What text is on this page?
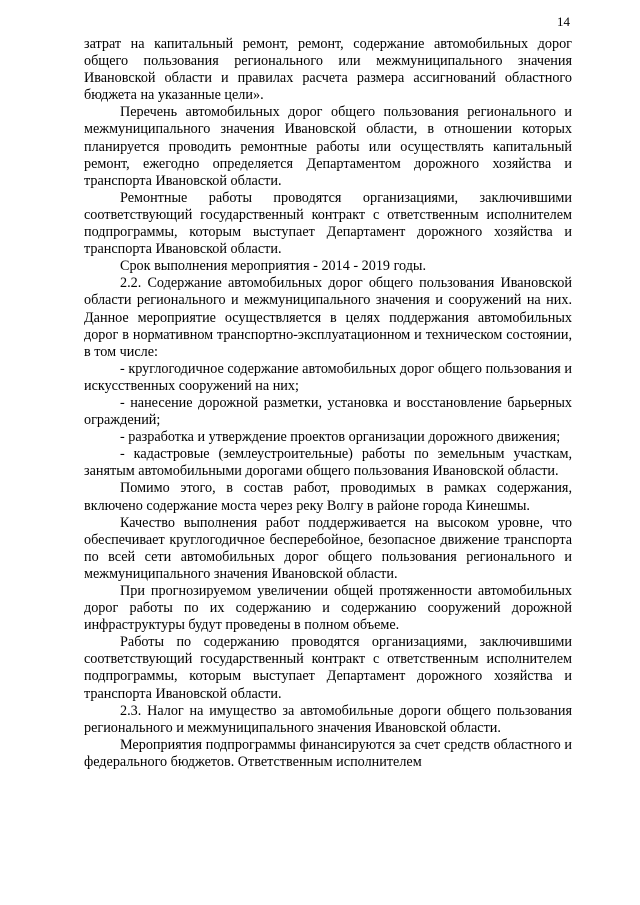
14

затрат на капитальный ремонт, ремонт, содержание автомобильных дорог общего пользования регионального или межмуниципального значения Ивановской области и правилах расчета размера ассигнований областного бюджета на указанные цели».

Перечень автомобильных дорог общего пользования регионального и межмуниципального значения Ивановской области, в отношении которых планируется проводить ремонтные работы или осуществлять капитальный ремонт, ежегодно определяется Департаментом дорожного хозяйства и транспорта Ивановской области.

Ремонтные работы проводятся организациями, заключившими соответствующий государственный контракт с ответственным исполнителем подпрограммы, которым выступает Департамент дорожного хозяйства и транспорта Ивановской области.

Срок выполнения мероприятия - 2014 - 2019 годы.

2.2. Содержание автомобильных дорог общего пользования Ивановской области регионального и межмуниципального значения и сооружений на них. Данное мероприятие осуществляется в целях поддержания автомобильных дорог в нормативном транспортно-эксплуатационном и техническом состоянии, в том числе:

- круглогодичное содержание автомобильных дорог общего пользования и искусственных сооружений на них;

- нанесение дорожной разметки, установка и восстановление барьерных ограждений;

- разработка и утверждение проектов организации дорожного движения;

- кадастровые (землеустроительные) работы по земельным участкам, занятым автомобильными дорогами общего пользования Ивановской области.

Помимо этого, в состав работ, проводимых в рамках содержания, включено содержание моста через реку Волгу в районе города Кинешмы.

Качество выполнения работ поддерживается на высоком уровне, что обеспечивает круглогодичное бесперебойное, безопасное движение транспорта по всей сети автомобильных дорог общего пользования регионального и межмуниципального значения Ивановской области.

При прогнозируемом увеличении общей протяженности автомобильных дорог работы по их содержанию и содержанию сооружений дорожной инфраструктуры будут проведены в полном объеме.

Работы по содержанию проводятся организациями, заключившими соответствующий государственный контракт с ответственным исполнителем подпрограммы, которым выступает Департамент дорожного хозяйства и транспорта Ивановской области.

2.3. Налог на имущество за автомобильные дороги общего пользования регионального и межмуниципального значения Ивановской области.

Мероприятия подпрограммы финансируются за счет средств областного и федерального бюджетов. Ответственным исполнителем
